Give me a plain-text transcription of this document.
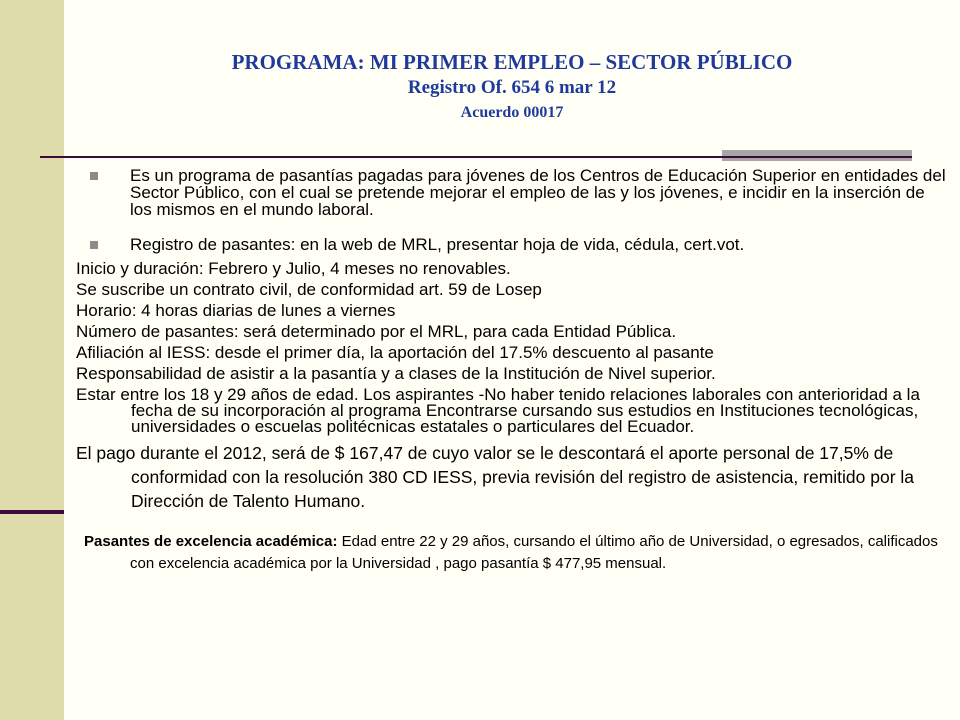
PROGRAMA: MI PRIMER EMPLEO – SECTOR PÚBLICO
Registro Of. 654 6 mar 12
Acuerdo 00017
Es un programa de pasantías pagadas para jóvenes de los Centros de Educación Superior en entidades del Sector Público, con el cual se pretende mejorar el empleo de las y los jóvenes, e incidir en la inserción de los mismos en el mundo laboral.
Registro de pasantes: en la web de MRL, presentar hoja de vida, cédula, cert.vot.

Inicio y duración: Febrero y Julio, 4 meses no renovables.

Se suscribe un contrato civil, de conformidad art. 59 de Losep

Horario: 4 horas diarias de lunes a viernes

Número de pasantes: será determinado por el MRL, para cada Entidad Pública.

Afiliación al IESS: desde el primer día, la aportación del 17.5% descuento al pasante

Responsabilidad de asistir a la pasantía y a clases de la Institución de Nivel superior.

Estar entre los 18 y 29 años de edad. Los aspirantes -No haber tenido relaciones laborales con anterioridad a la fecha de su incorporación al programa Encontrarse cursando sus estudios en Instituciones tecnológicas, universidades o escuelas politécnicas estatales o particulares del Ecuador.

El pago durante el 2012, será de $ 167,47 de cuyo valor se le descontará el aporte personal de 17,5% de conformidad con la resolución 380 CD IESS, previa revisión del registro de asistencia, remitido por la Dirección de Talento Humano.

Pasantes de excelencia académica: Edad entre 22 y 29 años, cursando el último año de Universidad, o egresados, calificados con excelencia académica por la Universidad , pago pasantía $ 477,95 mensual.
